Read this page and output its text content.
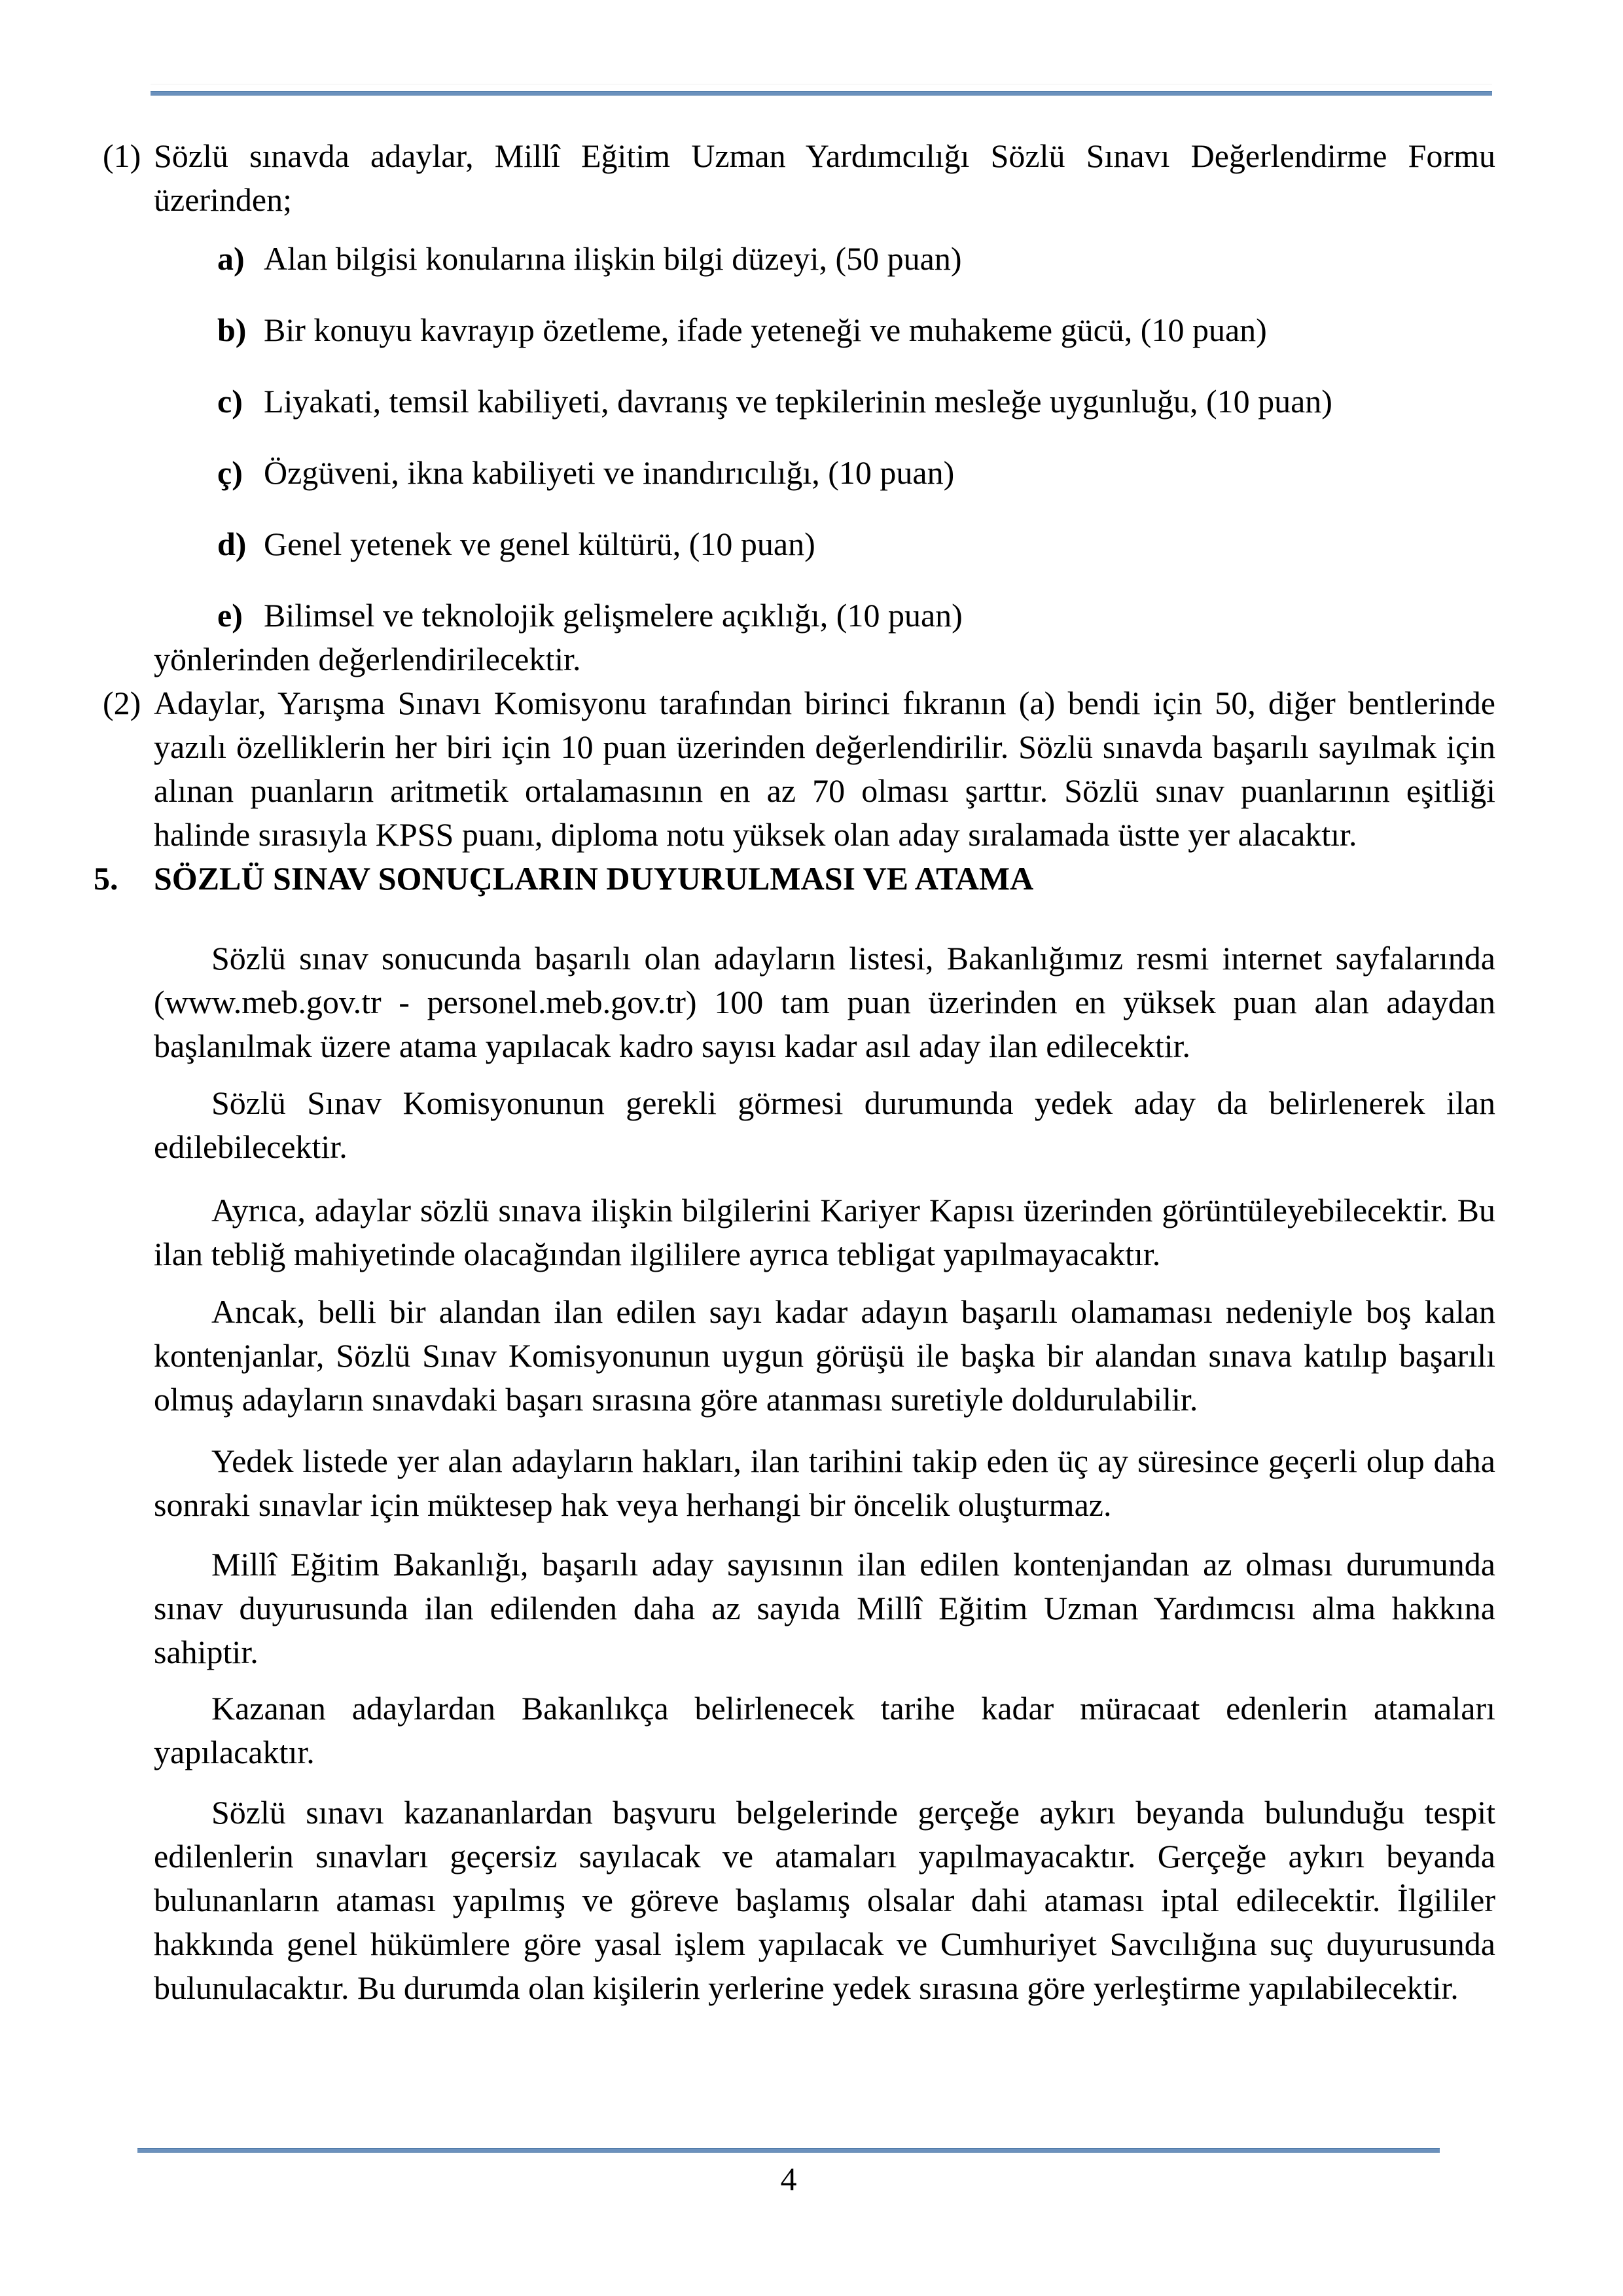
(1) Sözlü sınavda adaylar, Millî Eğitim Uzman Yardımcılığı Sözlü Sınavı Değerlendirme Formu üzerinden;

a) Alan bilgisi konularına ilişkin bilgi düzeyi, (50 puan)

b) Bir konuyu kavrayıp özetleme, ifade yeteneği ve muhakeme gücü, (10 puan)

c) Liyakati, temsil kabiliyeti, davranış ve tepkilerinin mesleğe uygunluğu, (10 puan)

ç) Özgüveni, ikna kabiliyeti ve inandırıcılığı, (10 puan)

d) Genel yetenek ve genel kültürü, (10 puan)

e) Bilimsel ve teknolojik gelişmelere açıklığı, (10 puan)

yönlerinden değerlendirilecektir.

(2) Adaylar, Yarışma Sınavı Komisyonu tarafından birinci fıkranın (a) bendi için 50, diğer bentlerinde yazılı özelliklerin her biri için 10 puan üzerinden değerlendirilir. Sözlü sınavda başarılı sayılmak için alınan puanların aritmetik ortalamasının en az 70 olması şarttır. Sözlü sınav puanlarının eşitliği halinde sırasıyla KPSS puanı, diploma notu yüksek olan aday sıralamada üstte yer alacaktır.

5. SÖZLÜ SINAV SONUÇLARIN DUYURULMASI VE ATAMA

Sözlü sınav sonucunda başarılı olan adayların listesi, Bakanlığımız resmi internet sayfalarında (www.meb.gov.tr - personel.meb.gov.tr) 100 tam puan üzerinden en yüksek puan alan adaydan başlanılmak üzere atama yapılacak kadro sayısı kadar asıl aday ilan edilecektir.

Sözlü Sınav Komisyonunun gerekli görmesi durumunda yedek aday da belirlenerek ilan edilebilecektir.

Ayrıca, adaylar sözlü sınava ilişkin bilgilerini Kariyer Kapısı üzerinden görüntüleyebilecektir. Bu ilan tebliğ mahiyetinde olacağından ilgililere ayrıca tebligat yapılmayacaktır.

Ancak, belli bir alandan ilan edilen sayı kadar adayın başarılı olamaması nedeniyle boş kalan kontenjanlar, Sözlü Sınav Komisyonunun uygun görüşü ile başka bir alandan sınava katılıp başarılı olmuş adayların sınavdaki başarı sırasına göre atanması suretiyle doldurulabilir.

Yedek listede yer alan adayların hakları, ilan tarihini takip eden üç ay süresince geçerli olup daha sonraki sınavlar için müktesep hak veya herhangi bir öncelik oluşturmaz.

Millî Eğitim Bakanlığı, başarılı aday sayısının ilan edilen kontenjandan az olması durumunda sınav duyurusunda ilan edilenden daha az sayıda Millî Eğitim Uzman Yardımcısı alma hakkına sahiptir.

Kazanan adaylardan Bakanlıkça belirlenecek tarihe kadar müracaat edenlerin atamaları yapılacaktır.

Sözlü sınavı kazananlardan başvuru belgelerinde gerçeğe aykırı beyanda bulunduğu tespit edilenlerin sınavları geçersiz sayılacak ve atamaları yapılmayacaktır. Gerçeğe aykırı beyanda bulunanların ataması yapılmış ve göreve başlamış olsalar dahi ataması iptal edilecektir. İlgililer hakkında genel hükümlere göre yasal işlem yapılacak ve Cumhuriyet Savcılığına suç duyurusunda bulunulacaktır. Bu durumda olan kişilerin yerlerine yedek sırasına göre yerleştirme yapılabilecektir.

4
